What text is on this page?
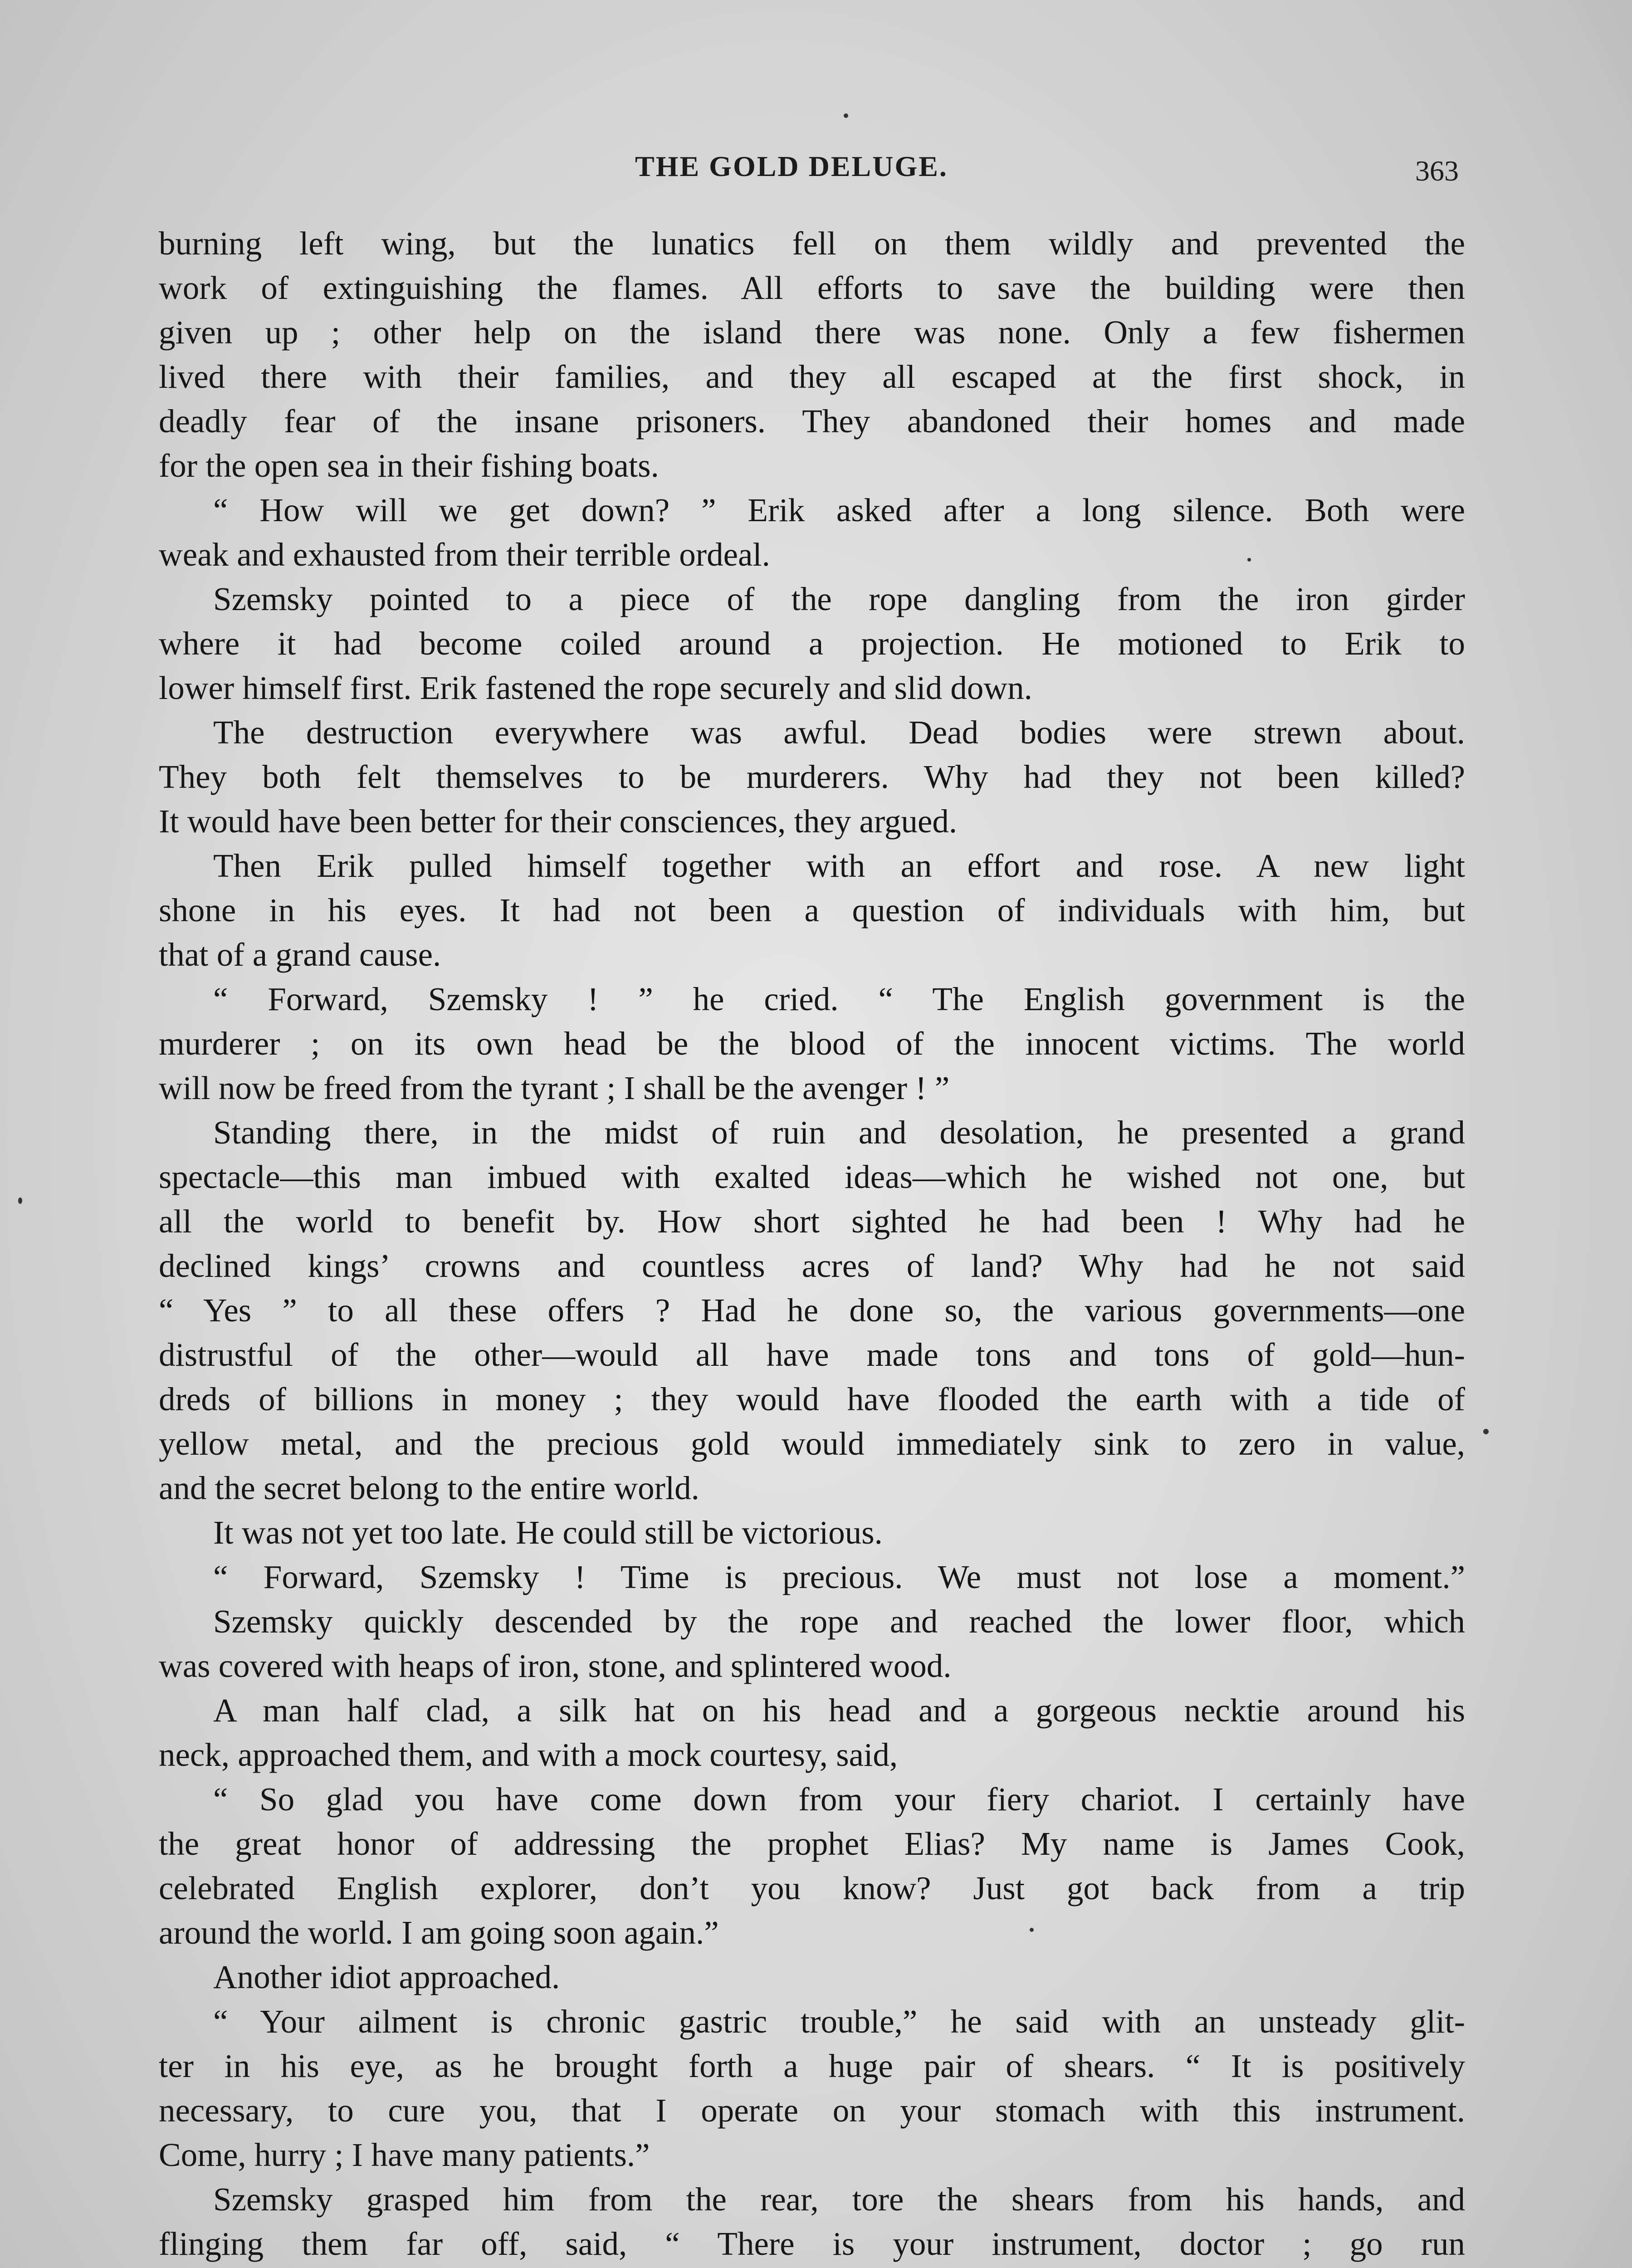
THE GOLD DELUGE.	363
burning left wing, but the lunatics fell on them wildly and prevented the
work of extinguishing the flames. All efforts to save the building were then
given up ; other help on the island there was none. Only a few fishermen
lived there with their families, and they all escaped at the first shock, in
deadly fear of the insane prisoners. They abandoned their homes and made
for the open sea in their fishing boats.
“ How will we get down? ” Erik asked after a long silence. Both were
weak and exhausted from their terrible ordeal.
Szemsky pointed to a piece of the rope dangling from the iron girder
where it had become coiled around a projection. He motioned to Erik to
lower himself first. Erik fastened the rope securely and slid down.
The destruction everywhere was awful. Dead bodies were strewn about.
They both felt themselves to be murderers. Why had they not been killed?
It would have been better for their consciences, they argued.
Then Erik pulled himself together with an effort and rose. A new light
shone in his eyes. It had not been a question of individuals with him, but
that of a grand cause.
“ Forward, Szemsky ! ” he cried. “ The English government is the
murderer ; on its own head be the blood of the innocent victims. The world
will now be freed from the tyrant ; I shall be the avenger ! ”
Standing there, in the midst of ruin and desolation, he presented a grand
spectacle—this man imbued with exalted ideas—which he wished not one, but
all the world to benefit by. How short sighted he had been ! Why had he
declined kings’ crowns and countless acres of land? Why had he not said
“ Yes ” to all these offers ? Had he done so, the various governments—one
distrustful of the other—would all have made tons and tons of gold—hun-
dreds of billions in money ; they would have flooded the earth with a tide of
yellow metal, and the precious gold would immediately sink to zero in value,
and the secret belong to the entire world.
It was not yet too late. He could still be victorious.
“ Forward, Szemsky ! Time is precious. We must not lose a moment.”
Szemsky quickly descended by the rope and reached the lower floor, which
was covered with heaps of iron, stone, and splintered wood.
A man half clad, a silk hat on his head and a gorgeous necktie around his
neck, approached them, and with a mock courtesy, said,
“ So glad you have come down from your fiery chariot. I certainly have
the great honor of addressing the prophet Elias? My name is James Cook,
celebrated English explorer, don’t you know? Just got back from a trip
around the world. I am going soon again.”
Another idiot approached.
“ Your ailment is chronic gastric trouble,” he said with an unsteady glit-
ter in his eye, as he brought forth a huge pair of shears. “ It is positively
necessary, to cure you, that I operate on your stomach with this instrument.
Come, hurry ; I have many patients.”
Szemsky grasped him from the rear, tore the shears from his hands, and
flinging them far off, said, “ There is your instrument, doctor ; go run
